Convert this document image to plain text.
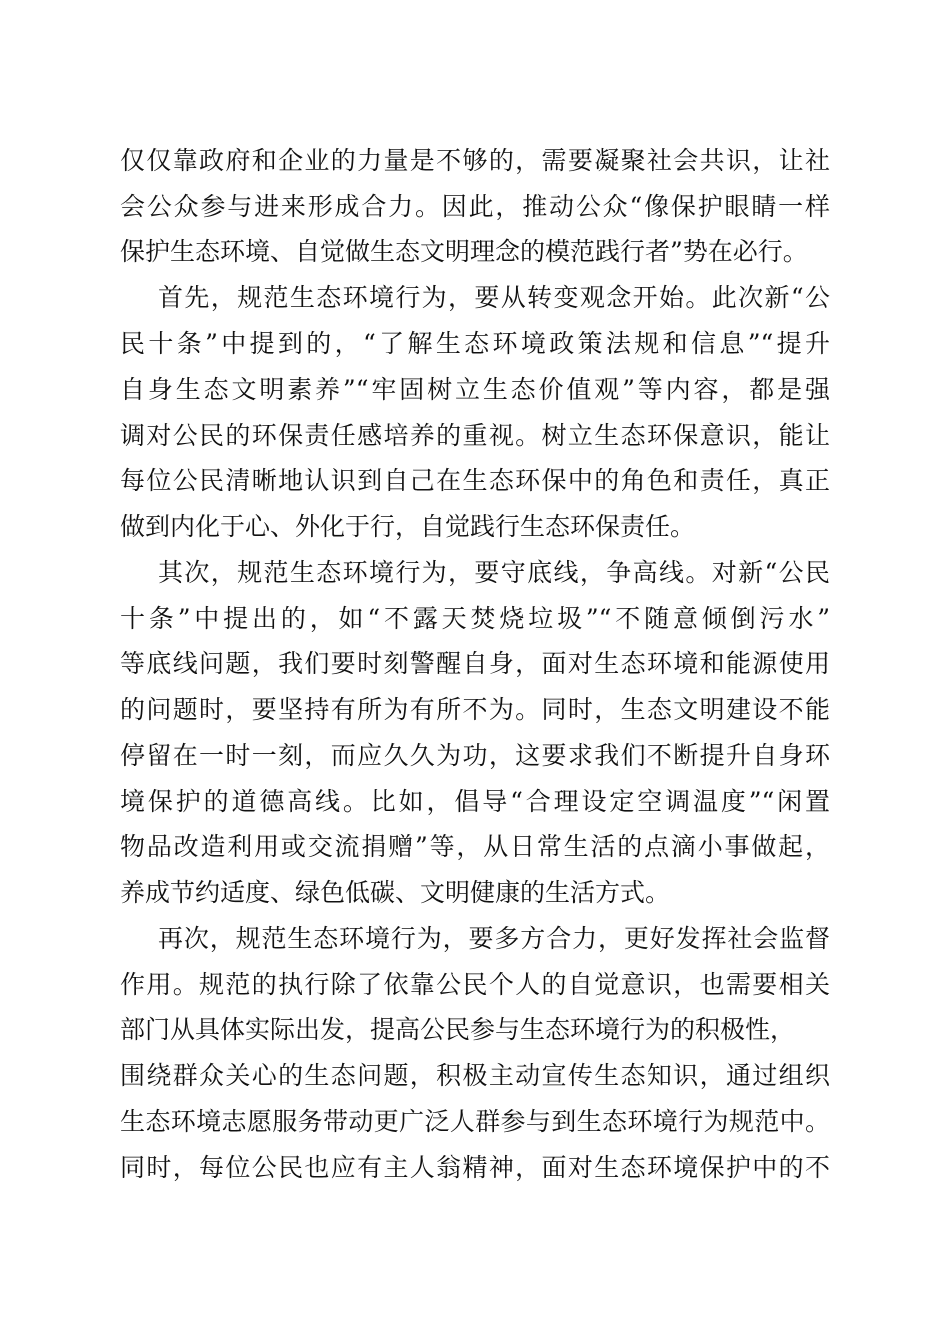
仅仅靠政府和企业的力量是不够的，需要凝聚社会共识，让社
会公众参与进来形成合力。因此，推动公众“像保护眼睛一样
保护生态环境、自觉做生态文明理念的模范践行者”势在必行。
首先，规范生态环境行为，要从转变观念开始。此次新“公
民十条”中提到的，“了解生态环境政策法规和信息”“提升
自身生态文明素养”“牢固树立生态价值观”等内容，都是强
调对公民的环保责任感培养的重视。树立生态环保意识，能让
每位公民清晰地认识到自己在生态环保中的角色和责任，真正
做到内化于心、外化于行，自觉践行生态环保责任。
其次，规范生态环境行为，要守底线，争高线。对新“公民
十条”中提出的，如“不露天焚烧垃圾”“不随意倾倒污水”
等底线问题，我们要时刻警醒自身，面对生态环境和能源使用
的问题时，要坚持有所为有所不为。同时，生态文明建设不能
停留在一时一刻，而应久久为功，这要求我们不断提升自身环
境保护的道德高线。比如，倡导“合理设定空调温度”“闲置
物品改造利用或交流捐赠”等，从日常生活的点滴小事做起，
养成节约适度、绿色低碳、文明健康的生活方式。
再次，规范生态环境行为，要多方合力，更好发挥社会监督
作用。规范的执行除了依靠公民个人的自觉意识，也需要相关
部门从具体实际出发，提高公民参与生态环境行为的积极性，
围绕群众关心的生态问题，积极主动宣传生态知识，通过组织
生态环境志愿服务带动更广泛人群参与到生态环境行为规范中。
同时，每位公民也应有主人翁精神，面对生态环境保护中的不
